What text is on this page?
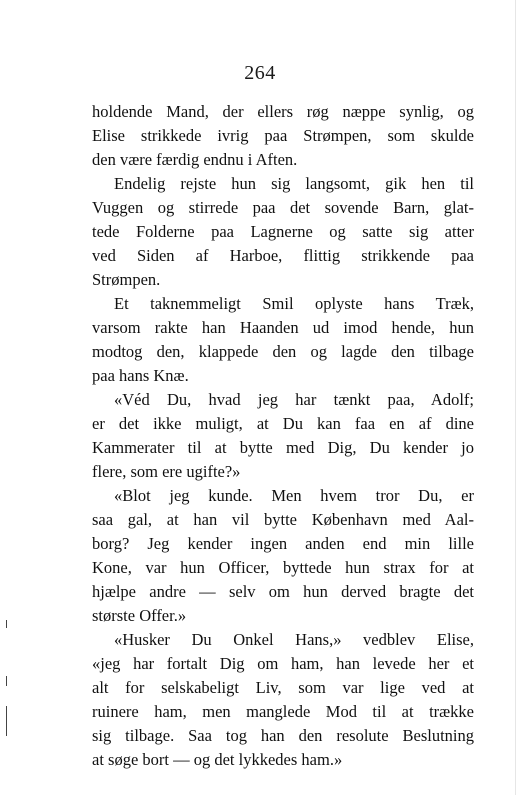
264
holdende Mand, der ellers røg næppe synlig, og
Elise strikkede ivrig paa Strømpen, som skulde
den være færdig endnu i Aften.
Endelig rejste hun sig langsomt, gik hen til
Vuggen og stirrede paa det sovende Barn, glat-
tede Folderne paa Lagnerne og satte sig atter
ved Siden af Harboe, flittig strikkende paa
Strømpen.
Et taknemmeligt Smil oplyste hans Træk,
varsom rakte han Haanden ud imod hende, hun
modtog den, klappede den og lagde den tilbage
paa hans Knæ.
«Véd Du, hvad jeg har tænkt paa, Adolf;
er det ikke muligt, at Du kan faa en af dine
Kammerater til at bytte med Dig, Du kender jo
flere, som ere ugifte?»
«Blot jeg kunde. Men hvem tror Du, er
saa gal, at han vil bytte København med Aal-
borg? Jeg kender ingen anden end min lille
Kone, var hun Officer, byttede hun strax for at
hjælpe andre — selv om hun derved bragte det
største Offer.»
«Husker Du Onkel Hans,» vedblev Elise,
«jeg har fortalt Dig om ham, han levede her et
alt for selskabeligt Liv, som var lige ved at
ruinere ham, men manglede Mod til at trække
sig tilbage. Saa tog han den resolute Beslutning
at søge bort — og det lykkedes ham.»
